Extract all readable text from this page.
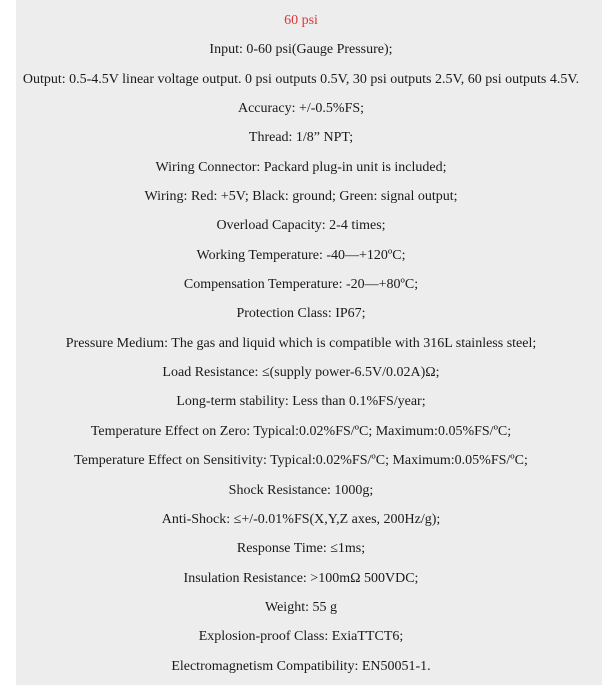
60 psi
Input: 0-60 psi(Gauge Pressure);
Output: 0.5-4.5V linear voltage output. 0 psi outputs 0.5V, 30 psi outputs 2.5V, 60 psi outputs 4.5V.
Accuracy: +/-0.5%FS;
Thread: 1/8” NPT;
Wiring Connector: Packard plug-in unit is included;
Wiring: Red: +5V; Black: ground; Green: signal output;
Overload Capacity: 2-4 times;
Working Temperature: -40—+120ºC;
Compensation Temperature: -20—+80ºC;
Protection Class: IP67;
Pressure Medium: The gas and liquid which is compatible with 316L stainless steel;
Load Resistance: ≤(supply power-6.5V/0.02A)Ω;
Long-term stability: Less than 0.1%FS/year;
Temperature Effect on Zero: Typical:0.02%FS/ºC; Maximum:0.05%FS/ºC;
Temperature Effect on Sensitivity: Typical:0.02%FS/ºC; Maximum:0.05%FS/ºC;
Shock Resistance: 1000g;
Anti-Shock: ≤+/-0.01%FS(X,Y,Z axes, 200Hz/g);
Response Time: ≤1ms;
Insulation Resistance: >100mΩ 500VDC;
Weight: 55 g
Explosion-proof Class: ExiaTTCT6;
Electromagnetism Compatibility: EN50051-1.
